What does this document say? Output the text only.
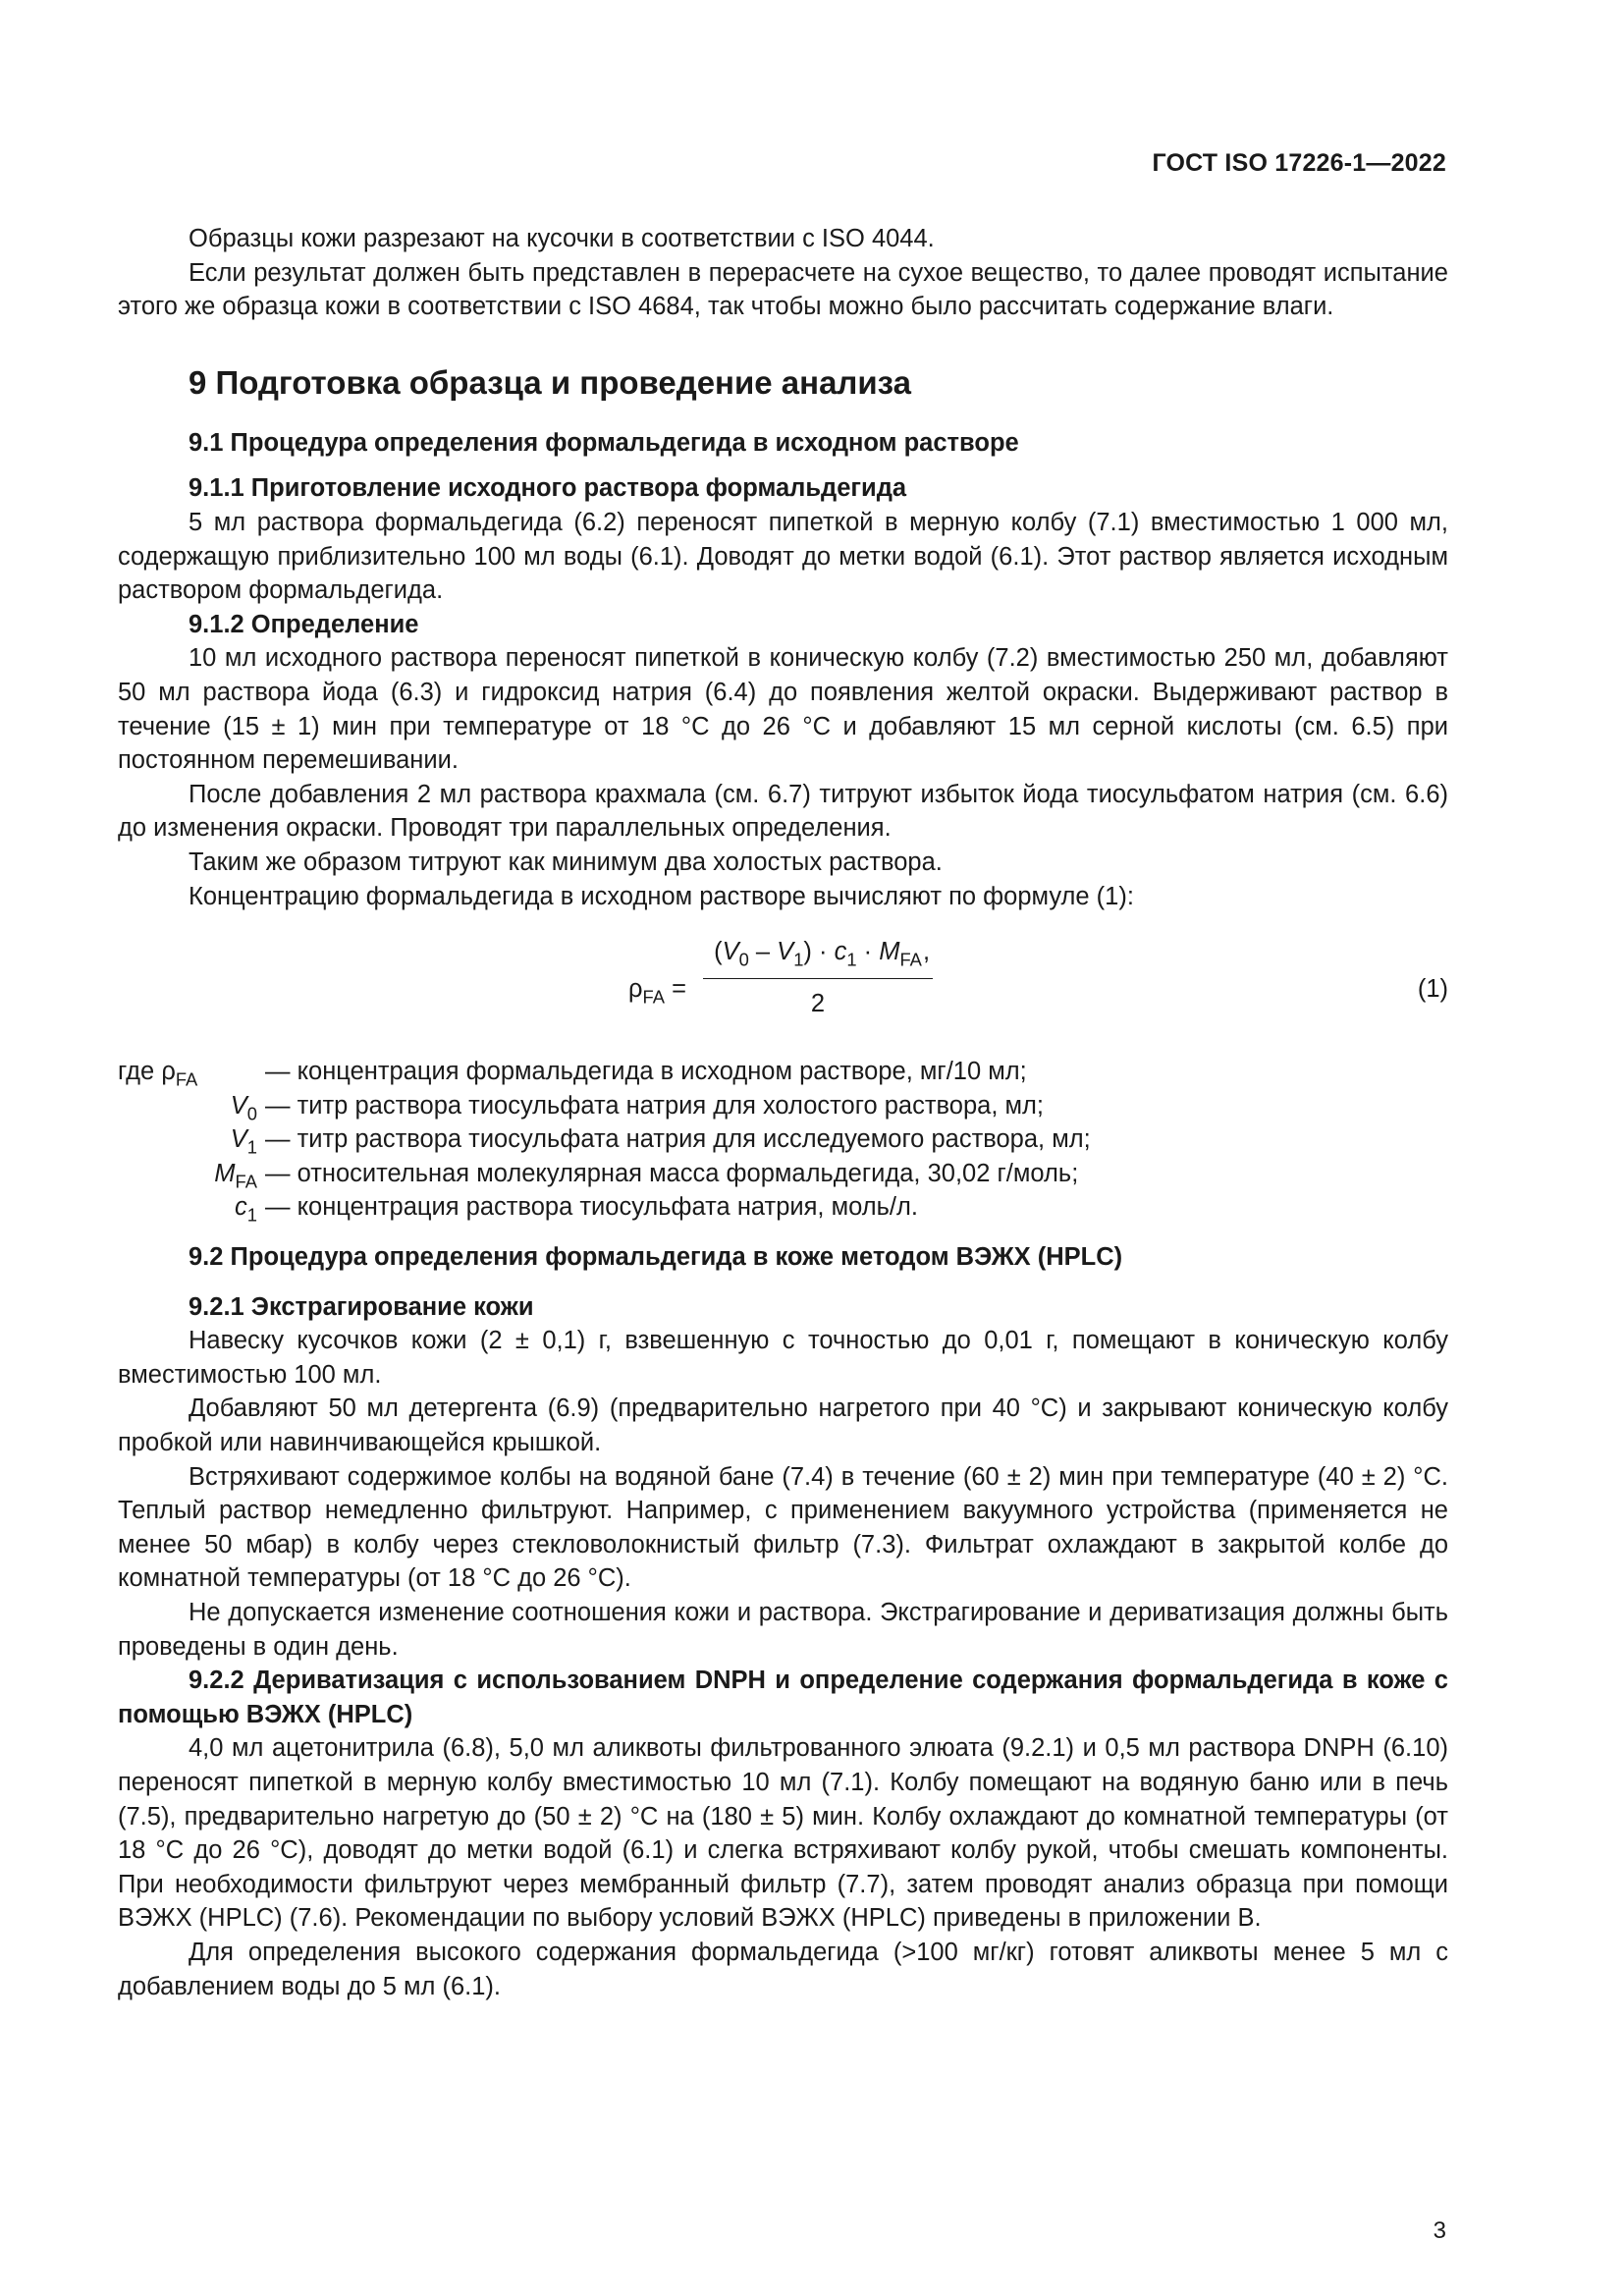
ГОСТ ISO 17226-1—2022

Образцы кожи разрезают на кусочки в соответствии с ISO 4044.

Если результат должен быть представлен в перерасчете на сухое вещество, то далее проводят испытание этого же образца кожи в соответствии с ISO 4684, так чтобы можно было рассчитать содержание влаги.

9 Подготовка образца и проведение анализа
9.1 Процедура определения формальдегида в исходном растворе
9.1.1 Приготовление исходного раствора формальдегида

5 мл раствора формальдегида (6.2) переносят пипеткой в мерную колбу (7.1) вместимостью 1 000 мл, содержащую приблизительно 100 мл воды (6.1). Доводят до метки водой (6.1). Этот раствор является исходным раствором формальдегида.

9.1.2 Определение

10 мл исходного раствора переносят пипеткой в коническую колбу (7.2) вместимостью 250 мл, добавляют 50 мл раствора йода (6.3) и гидроксид натрия (6.4) до появления желтой окраски. Выдерживают раствор в течение (15 ± 1) мин при температуре от 18 °C до 26 °C и добавляют 15 мл серной кислоты (см. 6.5) при постоянном перемешивании.

После добавления 2 мл раствора крахмала (см. 6.7) титруют избыток йода тиосульфатом натрия (см. 6.6) до изменения окраски. Проводят три параллельных определения.

Таким же образом титруют как минимум два холостых раствора.

Концентрацию формальдегида в исходном растворе вычисляют по формуле (1):

$\rho_{FA}$ =
$(V_0 - V_1) \cdot c_1 \cdot M_{FA}$
2
,
(1)
где $\rho_{FA}$	— концентрация формальдегида в исходном растворе, мг/10 мл;
$V_0$ — титр раствора тиосульфата натрия для холостого раствора, мл;
$V_1$ — титр раствора тиосульфата натрия для исследуемого раствора, мл;
$M_{FA}$ — относительная молекулярная масса формальдегида, 30,02 г/моль;
$c_1$ — концентрация раствора тиосульфата натрия, моль/л.
9.2 Процедура определения формальдегида в коже методом ВЭЖХ (HPLC)
9.2.1 Экстрагирование кожи

Навеску кусочков кожи (2 ± 0,1) г, взвешенную с точностью до 0,01 г, помещают в коническую колбу вместимостью 100 мл.

Добавляют 50 мл детергента (6.9) (предварительно нагретого при 40 °C) и закрывают коническую колбу пробкой или навинчивающейся крышкой.

Встряхивают содержимое колбы на водяной бане (7.4) в течение (60 ± 2) мин при температуре (40 ± 2) °C. Теплый раствор немедленно фильтруют. Например, с применением вакуумного устройства (применяется не менее 50 мбар) в колбу через стекловолокнистый фильтр (7.3). Фильтрат охлаждают в закрытой колбе до комнатной температуры (от 18 °C до 26 °C).

Не допускается изменение соотношения кожи и раствора. Экстрагирование и дериватизация должны быть проведены в один день.

9.2.2 Дериватизация с использованием DNPH и определение содержания формальдегида в коже с помощью ВЭЖХ (HPLC)

4,0 мл ацетонитрила (6.8), 5,0 мл аликвоты фильтрованного элюата (9.2.1) и 0,5 мл раствора DNPH (6.10) переносят пипеткой в мерную колбу вместимостью 10 мл (7.1). Колбу помещают на водяную баню или в печь (7.5), предварительно нагретую до (50 ± 2) °C на (180 ± 5) мин. Колбу охлаждают до комнатной температуры (от 18 °C до 26 °C), доводят до метки водой (6.1) и слегка встряхивают колбу рукой, чтобы смешать компоненты. При необходимости фильтруют через мембранный фильтр (7.7), затем проводят анализ образца при помощи ВЭЖХ (HPLC) (7.6). Рекомендации по выбору условий ВЭЖХ (HPLC) приведены в приложении В.

Для определения высокого содержания формальдегида (>100 мг/кг) готовят аликвоты менее 5 мл с добавлением воды до 5 мл (6.1).

3
